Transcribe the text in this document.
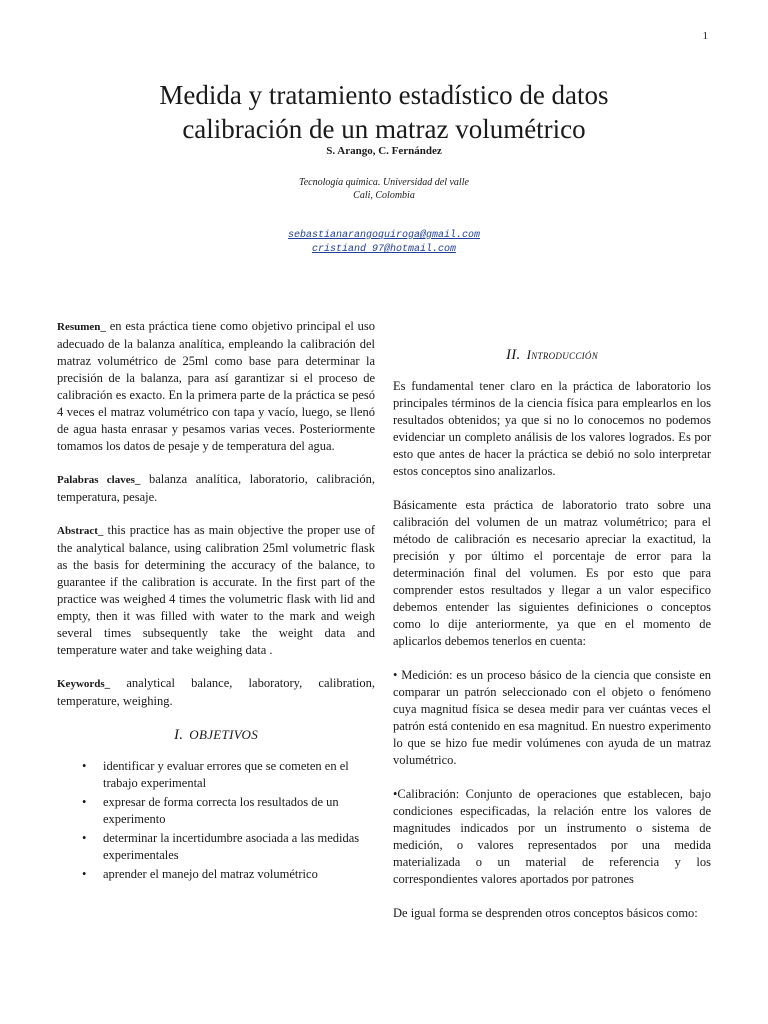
1
Medida y tratamiento estadístico de datos
calibración de un matraz volumétrico
S. Arango, C. Fernández
Tecnología química. Universidad del valle
Cali, Colombia
sebastianarangoquiroga@gmail.com
cristiand 97@hotmail.com

Resumen_ en esta práctica tiene como objetivo principal el uso adecuado de la balanza analítica, empleando la calibración del matraz volumétrico de 25ml como base para determinar la precisión de la balanza, para así garantizar si el proceso de calibración es exacto. En la primera parte de la práctica se pesó 4 veces el matraz volumétrico con tapa y vacío, luego, se llenó de agua hasta enrasar y pesamos varias veces. Posteriormente tomamos los datos de pesaje y de temperatura del agua.

Palabras claves_ balanza analítica, laboratorio, calibración, temperatura, pesaje.

Abstract_ this practice has as main objective the proper use of the analytical balance, using calibration 25ml volumetric flask as the basis for determining the accuracy of the balance, to guarantee if the calibration is accurate. In the first part of the practice was weighed 4 times the volumetric flask with lid and empty, then it was filled with water to the mark and weigh several times subsequently take the weight data and temperature water and take weighing data .

Keywords_ analytical balance, laboratory, calibration, temperature, weighing.

I. OBJETIVOS
• identificar y evaluar errores que se cometen en el trabajo experimental
• expresar de forma correcta los resultados de un experimento
• determinar la incertidumbre asociada a las medidas experimentales
• aprender el manejo del matraz volumétrico
II. Introducción

Es fundamental tener claro en la práctica de laboratorio los principales términos de la ciencia física para emplearlos en los resultados obtenidos; ya que si no lo conocemos no podemos evidenciar un completo análisis de los valores logrados. Es por esto que antes de hacer la práctica se debió no solo interpretar estos conceptos sino analizarlos.

Básicamente esta práctica de laboratorio trato sobre una calibración del volumen de un matraz volumétrico; para el método de calibración es necesario apreciar la exactitud, la precisión y por último el porcentaje de error para la determinación final del volumen. Es por esto que para comprender estos resultados y llegar a un valor especifico debemos entender las siguientes definiciones o conceptos como lo dije anteriormente, ya que en el momento de aplicarlos debemos tenerlos en cuenta:

• Medición: es un proceso básico de la ciencia que consiste en comparar un patrón seleccionado con el objeto o fenómeno cuya magnitud física se desea medir para ver cuántas veces el patrón está contenido en esa magnitud. En nuestro experimento lo que se hizo fue medir volúmenes con ayuda de un matraz volumétrico.

•Calibración: Conjunto de operaciones que establecen, bajo condiciones especificadas, la relación entre los valores de magnitudes indicados por un instrumento o sistema de medición, o valores representados por una medida materializada o un material de referencia y los correspondientes valores aportados por patrones

De igual forma se desprenden otros conceptos básicos como:
